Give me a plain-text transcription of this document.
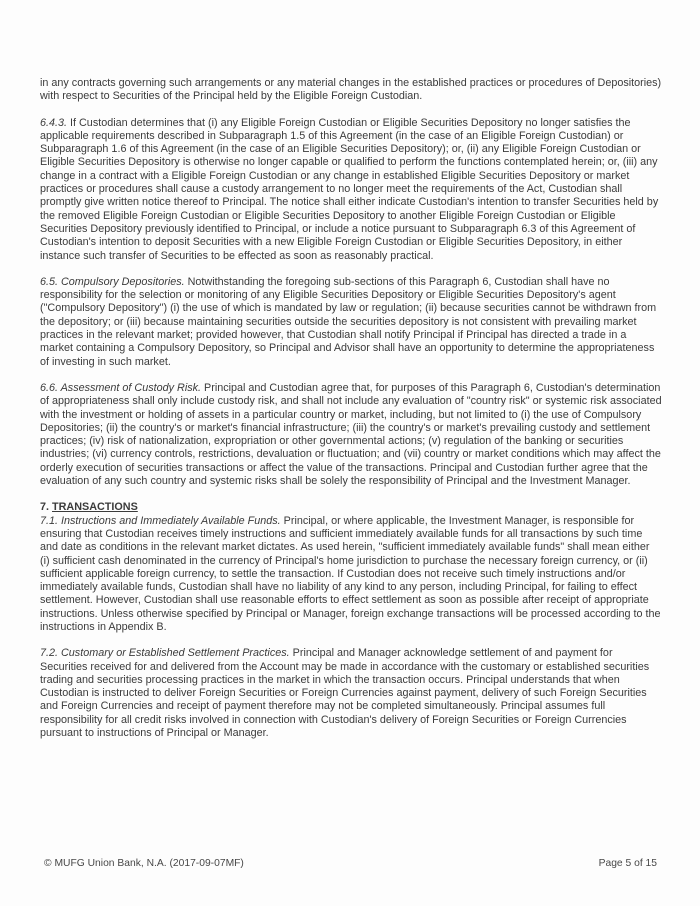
in any contracts governing such arrangements or any material changes in the established practices or procedures of Depositories) with respect to Securities of the Principal held by the Eligible Foreign Custodian.

6.4.3. If Custodian determines that (i) any Eligible Foreign Custodian or Eligible Securities Depository no longer satisfies the applicable requirements described in Subparagraph 1.5 of this Agreement (in the case of an Eligible Foreign Custodian) or Subparagraph 1.6 of this Agreement (in the case of an Eligible Securities Depository); or, (ii) any Eligible Foreign Custodian or Eligible Securities Depository is otherwise no longer capable or qualified to perform the functions contemplated herein; or, (iii) any change in a contract with a Eligible Foreign Custodian or any change in established Eligible Securities Depository or market practices or procedures shall cause a custody arrangement to no longer meet the requirements of the Act, Custodian shall promptly give written notice thereof to Principal. The notice shall either indicate Custodian's intention to transfer Securities held by the removed Eligible Foreign Custodian or Eligible Securities Depository to another Eligible Foreign Custodian or Eligible Securities Depository previously identified to Principal, or include a notice pursuant to Subparagraph 6.3 of this Agreement of Custodian's intention to deposit Securities with a new Eligible Foreign Custodian or Eligible Securities Depository, in either instance such transfer of Securities to be effected as soon as reasonably practical.

6.5. Compulsory Depositories. Notwithstanding the foregoing sub-sections of this Paragraph 6, Custodian shall have no responsibility for the selection or monitoring of any Eligible Securities Depository or Eligible Securities Depository's agent ("Compulsory Depository") (i) the use of which is mandated by law or regulation; (ii) because securities cannot be withdrawn from the depository; or (iii) because maintaining securities outside the securities depository is not consistent with prevailing market practices in the relevant market; provided however, that Custodian shall notify Principal if Principal has directed a trade in a market containing a Compulsory Depository, so Principal and Advisor shall have an opportunity to determine the appropriateness of investing in such market.

6.6. Assessment of Custody Risk. Principal and Custodian agree that, for purposes of this Paragraph 6, Custodian's determination of appropriateness shall only include custody risk, and shall not include any evaluation of "country risk" or systemic risk associated with the investment or holding of assets in a particular country or market, including, but not limited to (i) the use of Compulsory Depositories; (ii) the country's or market's financial infrastructure; (iii) the country's or market's prevailing custody and settlement practices; (iv) risk of nationalization, expropriation or other governmental actions; (v) regulation of the banking or securities industries; (vi) currency controls, restrictions, devaluation or fluctuation; and (vii) country or market conditions which may affect the orderly execution of securities transactions or affect the value of the transactions. Principal and Custodian further agree that the evaluation of any such country and systemic risks shall be solely the responsibility of Principal and the Investment Manager.

7. TRANSACTIONS

7.1. Instructions and Immediately Available Funds. Principal, or where applicable, the Investment Manager, is responsible for ensuring that Custodian receives timely instructions and sufficient immediately available funds for all transactions by such time and date as conditions in the relevant market dictates. As used herein, "sufficient immediately available funds" shall mean either (i) sufficient cash denominated in the currency of Principal's home jurisdiction to purchase the necessary foreign currency, or (ii) sufficient applicable foreign currency, to settle the transaction. If Custodian does not receive such timely instructions and/or immediately available funds, Custodian shall have no liability of any kind to any person, including Principal, for failing to effect settlement. However, Custodian shall use reasonable efforts to effect settlement as soon as possible after receipt of appropriate instructions. Unless otherwise specified by Principal or Manager, foreign exchange transactions will be processed according to the instructions in Appendix B.

7.2. Customary or Established Settlement Practices. Principal and Manager acknowledge settlement of and payment for Securities received for and delivered from the Account may be made in accordance with the customary or established securities trading and securities processing practices in the market in which the transaction occurs. Principal understands that when Custodian is instructed to deliver Foreign Securities or Foreign Currencies against payment, delivery of such Foreign Securities and Foreign Currencies and receipt of payment therefore may not be completed simultaneously. Principal assumes full responsibility for all credit risks involved in connection with Custodian's delivery of Foreign Securities or Foreign Currencies pursuant to instructions of Principal or Manager.

© MUFG Union Bank, N.A. (2017-09-07MF)	Page 5 of 15
